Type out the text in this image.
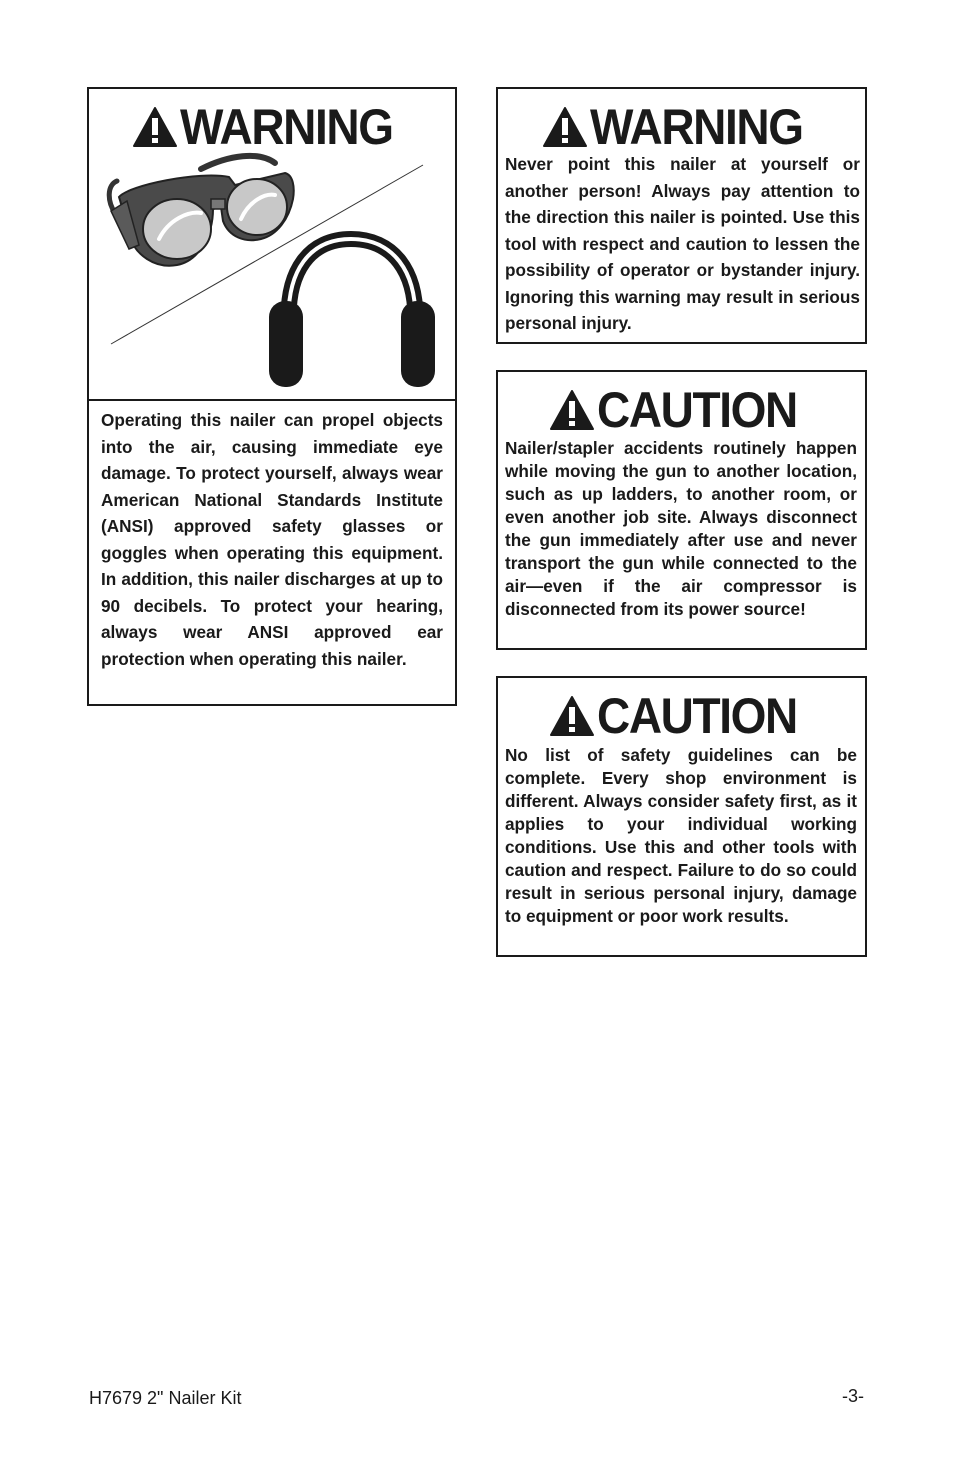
WARNING

Operating this nailer can propel objects into the air, causing immediate eye damage. To protect yourself, always wear American National Standards Institute (ANSI) approved safety glasses or goggles when operating this equipment. In addition, this nailer discharges at up to 90 decibels. To protect your hearing, always wear ANSI approved ear protection when operating this nailer.

WARNING

Never point this nailer at yourself or another person! Always pay attention to the direction this nailer is pointed. Use this tool with respect and caution to lessen the possibility of operator or bystander injury. Ignoring this warning may result in serious personal injury.

CAUTION

Nailer/stapler accidents routinely happen while moving the gun to another location, such as up ladders, to another room, or even another job site. Always disconnect the gun immediately after use and never transport the gun while connected to the air—even if the air compressor is disconnected from its power source!

CAUTION

No list of safety guidelines can be complete. Every shop environment is different. Always consider safety first, as it applies to your individual working conditions. Use this and other tools with caution and respect. Failure to do so could result in serious personal injury, damage to equipment or poor work results.

H7679 2" Nailer Kit	-3-
